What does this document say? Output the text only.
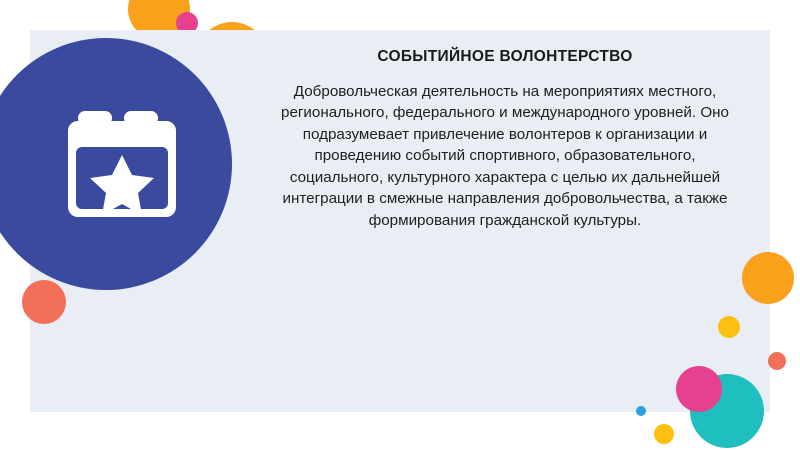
СОБЫТИЙНОЕ ВОЛОНТЕРСТВО

Добровольческая деятельность на мероприятиях местного, регионального, федерального и международного уровней. Оно подразумевает привлечение волонтеров к организации и проведению событий спортивного, образовательного, социального, культурного характера с целью их дальнейшей интеграции в смежные направления добровольчества, а также формирования гражданской культуры.
